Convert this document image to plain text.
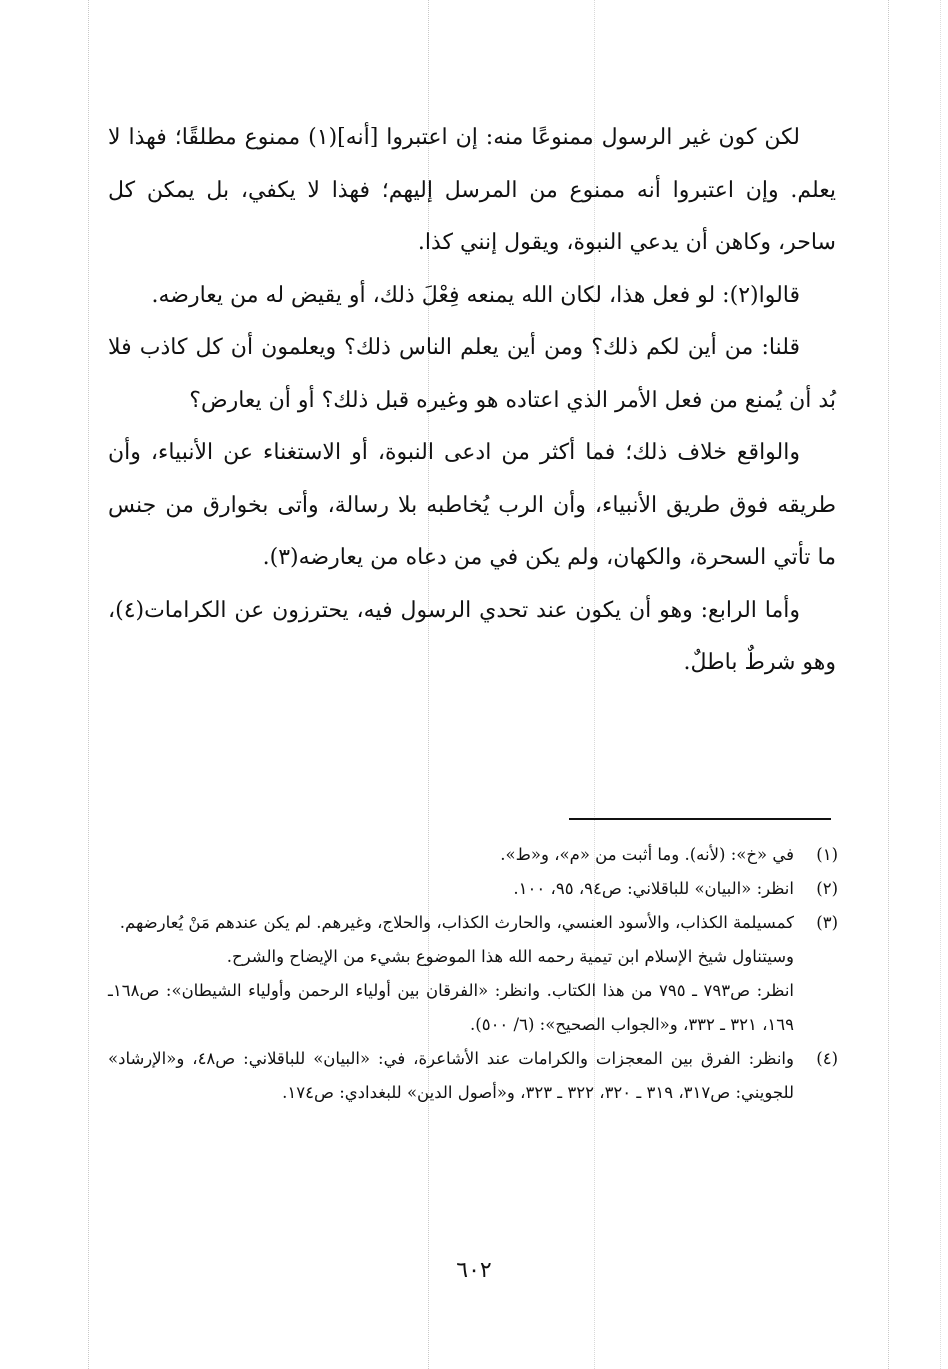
لكن كون غير الرسول ممنوعًا منه: إن اعتبروا [أنه](١) ممنوع مطلقًا؛ فهذا لا يعلم. وإن اعتبروا أنه ممنوع من المرسل إليهم؛ فهذا لا يكفي، بل يمكن كل ساحر، وكاهن أن يدعي النبوة، ويقول إنني كذا.

قالوا(٢): لو فعل هذا، لكان الله يمنعه فِعْلَ ذلك، أو يقيض له من يعارضه.

قلنا: من أين لكم ذلك؟ ومن أين يعلم الناس ذلك؟ ويعلمون أن كل كاذب فلا بُد أن يُمنع من فعل الأمر الذي اعتاده هو وغيره قبل ذلك؟ أو أن يعارض؟

والواقع خلاف ذلك؛ فما أكثر من ادعى النبوة، أو الاستغناء عن الأنبياء، وأن طريقه فوق طريق الأنبياء، وأن الرب يُخاطبه بلا رسالة، وأتى بخوارق من جنس ما تأتي السحرة، والكهان، ولم يكن في من دعاه من يعارضه(٣).

وأما الرابع: وهو أن يكون عند تحدي الرسول فيه، يحترزون عن الكرامات(٤)، وهو شرطٌ باطلٌ.

(١)
في «خ»: (لأنه). وما أثبت من «م»، و«ط».
(٢)
انظر: «البيان» للباقلاني: ص٩٤، ٩٥، ١٠٠.
(٣)
كمسيلمة الكذاب، والأسود العنسي، والحارث الكذاب، والحلاج، وغيرهم. لم يكن عندهم مَنْ يُعارضهم.
وسيتناول شيخ الإسلام ابن تيمية رحمه الله هذا الموضوع بشيء من الإيضاح والشرح.
انظر: ص٧٩٣ ـ ٧٩٥ من هذا الكتاب. وانظر: «الفرقان بين أولياء الرحمن وأولياء الشيطان»: ص١٦٨ـ ١٦٩، ٣٢١ ـ ٣٣٢، و«الجواب الصحيح»: (٦/ ٥٠٠).
(٤)
وانظر: الفرق بين المعجزات والكرامات عند الأشاعرة، في: «البيان» للباقلاني: ص٤٨، و«الإرشاد» للجويني: ص٣١٧، ٣١٩ ـ ٣٢٠، ٣٢٢ ـ ٣٢٣، و«أصول الدين» للبغدادي: ص١٧٤.
٦٠٢
